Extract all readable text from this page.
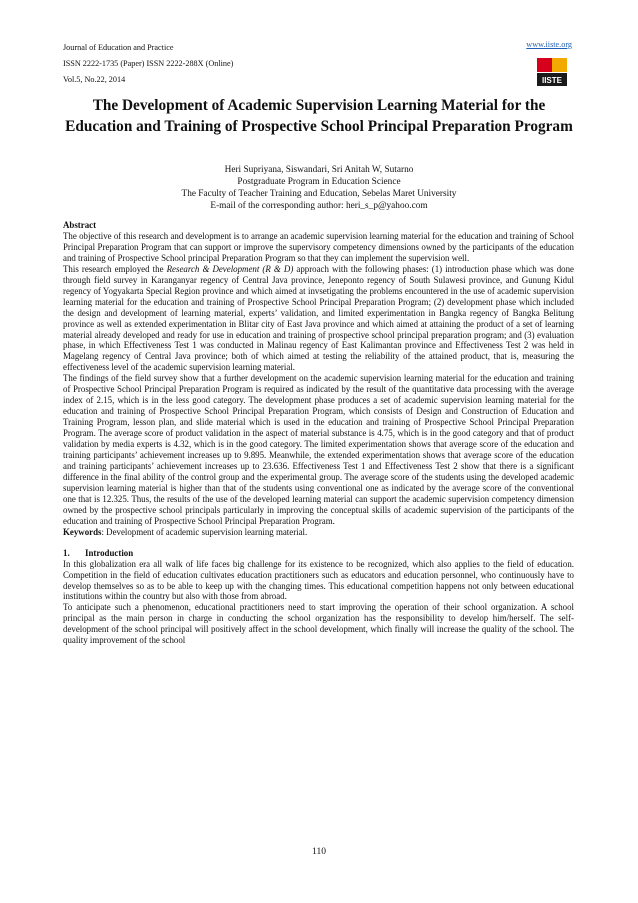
Journal of Education and Practice
ISSN 2222-1735 (Paper) ISSN 2222-288X (Online)
Vol.5, No.22, 2014
www.iiste.org
IISTE
The Development of Academic Supervision Learning Material for the Education and Training of Prospective School Principal Preparation Program
Heri Supriyana, Siswandari, Sri Anitah W, Sutarno
Postgraduate Program in Education Science
The Faculty of Teacher Training and Education, Sebelas Maret University
E-mail of the corresponding author: heri_s_p@yahoo.com

Abstract

The objective of this research and development is to arrange an academic supervision learning material for the education and training of School Principal Preparation Program that can support or improve the supervisory competency dimensions owned by the participants of the education and training of Prospective School principal Preparation Program so that they can implement the supervision well.

This research employed the Research & Development (R & D) approach with the following phases: (1) introduction phase which was done through field survey in Karanganyar regency of Central Java province, Jeneponto regency of South Sulawesi province, and Gunung Kidul regency of Yogyakarta Special Region province and which aimed at invsetigating the problems encountered in the use of academic supervision learning material for the education and training of Prospective School Principal Preparation Program; (2) development phase which included the design and development of learning material, experts’ validation, and limited experimentation in Bangka regency of Bangka Belitung province as well as extended experimentation in Blitar city of East Java province and which aimed at attaining the product of a set of learning material already developed and ready for use in education and training of prospective school principal preparation program; and (3) evaluation phase, in which Effectiveness Test 1 was conducted in Malinau regency of East Kalimantan province and Effectiveness Test 2 was held in Magelang regency of Central Java province; both of which aimed at testing the reliability of the attained product, that is, measuring the effectiveness level of the academic supervision learning material.

The findings of the field survey show that a further development on the academic supervision learning material for the education and training of Prospective School Principal Preparation Program is required as indicated by the result of the quantitative data processing with the average index of 2.15, which is in the less good category. The development phase produces a set of academic supervision learning material for the education and training of Prospective School Principal Preparation Program, which consists of Design and Construction of Education and Training Program, lesson plan, and slide material which is used in the education and training of Prospective School Principal Preparation Program. The average score of product validation in the aspect of material substance is 4.75, which is in the good category and that of product validation by media experts is 4.32, which is in the good category. The limited experimentation shows that average score of the education and training participants’ achievement increases up to 9.895. Meanwhile, the extended experimentation shows that average score of the education and training participants’ achievement increases up to 23.636. Effectiveness Test 1 and Effectiveness Test 2 show that there is a significant difference in the final ability of the control group and the experimental group. The average score of the students using the developed academic supervision learning material is higher than that of the students using conventional one as indicated by the average score of the conventional one that is 12.325. Thus, the results of the use of the developed learning material can support the academic supervision competency dimension owned by the prospective school principals particularly in improving the conceptual skills of academic supervision of the participants of the education and training of Prospective School Principal Preparation Program.

Keywords: Development of academic supervision learning material.

1. Introduction

In this globalization era all walk of life faces big challenge for its existence to be recognized, which also applies to the field of education. Competition in the field of education cultivates education practitioners such as educators and education personnel, who continuously have to develop themselves so as to be able to keep up with the changing times. This educational competition happens not only between educational institutions within the country but also with those from abroad.

To anticipate such a phenomenon, educational practitioners need to start improving the operation of their school organization. A school principal as the main person in charge in conducting the school organization has the responsibility to develop him/herself. The self-development of the school principal will positively affect in the school development, which finally will increase the quality of the school. The quality improvement of the school

110
